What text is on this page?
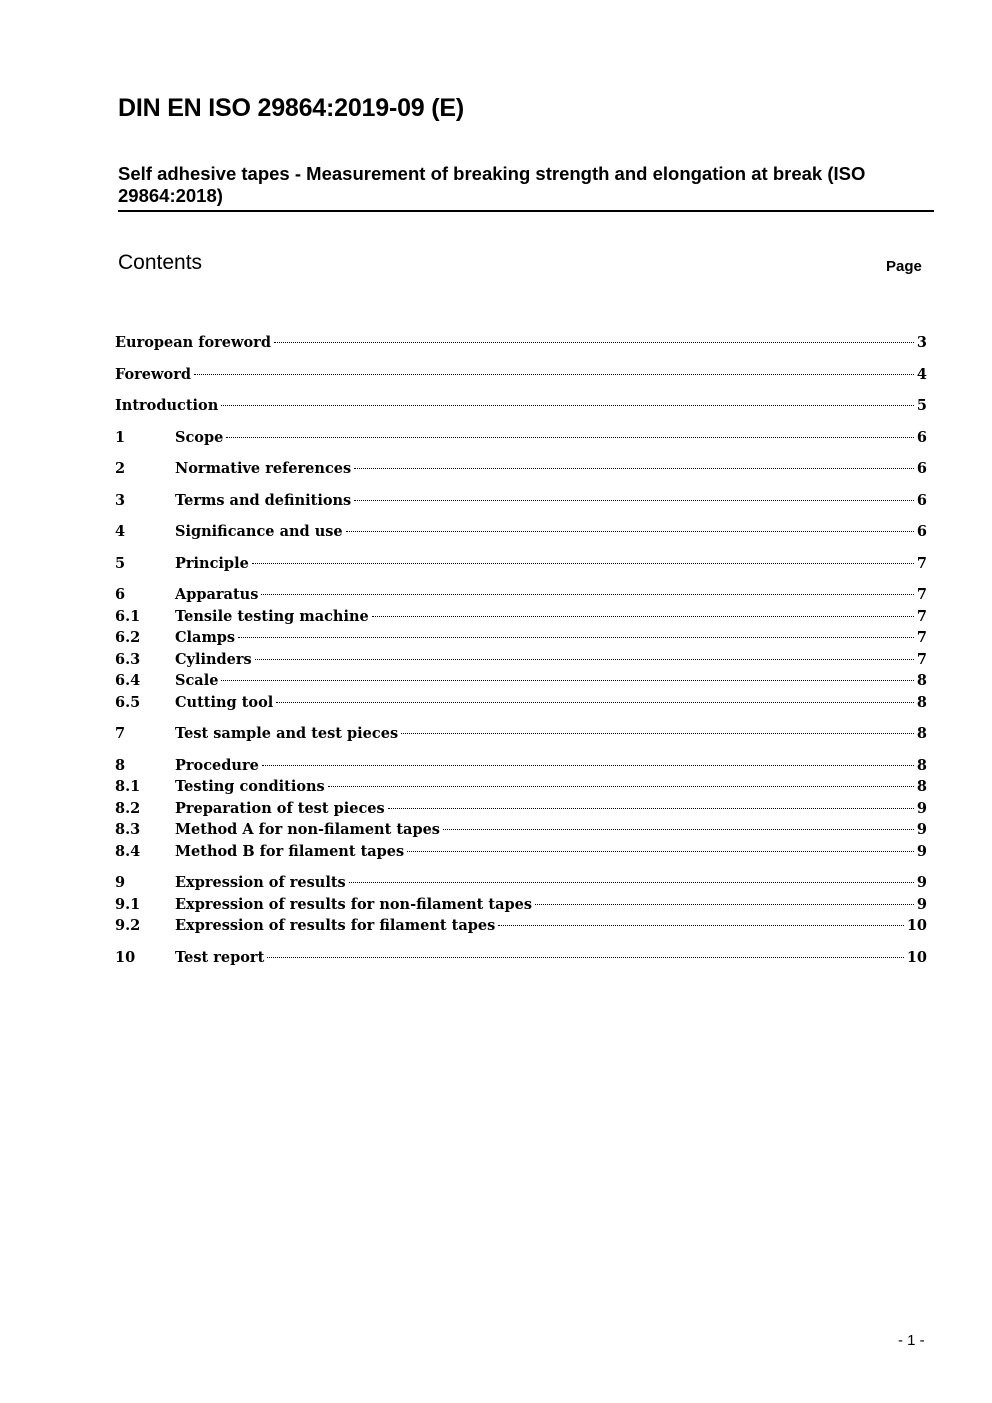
DIN EN ISO 29864:2019-09 (E)
Self adhesive tapes - Measurement of breaking strength and elongation at break (ISO 29864:2018)
Contents	Page
European foreword	3
Foreword	4
Introduction	5
1	Scope	6
2	Normative references	6
3	Terms and definitions	6
4	Significance and use	6
5	Principle	7
6	Apparatus	7
6.1	Tensile testing machine	7
6.2	Clamps	7
6.3	Cylinders	7
6.4	Scale	8
6.5	Cutting tool	8
7	Test sample and test pieces	8
8	Procedure	8
8.1	Testing conditions	8
8.2	Preparation of test pieces	9
8.3	Method A for non-filament tapes	9
8.4	Method B for filament tapes	9
9	Expression of results	9
9.1	Expression of results for non-filament tapes	9
9.2	Expression of results for filament tapes	10
10	Test report	10
- 1 -
